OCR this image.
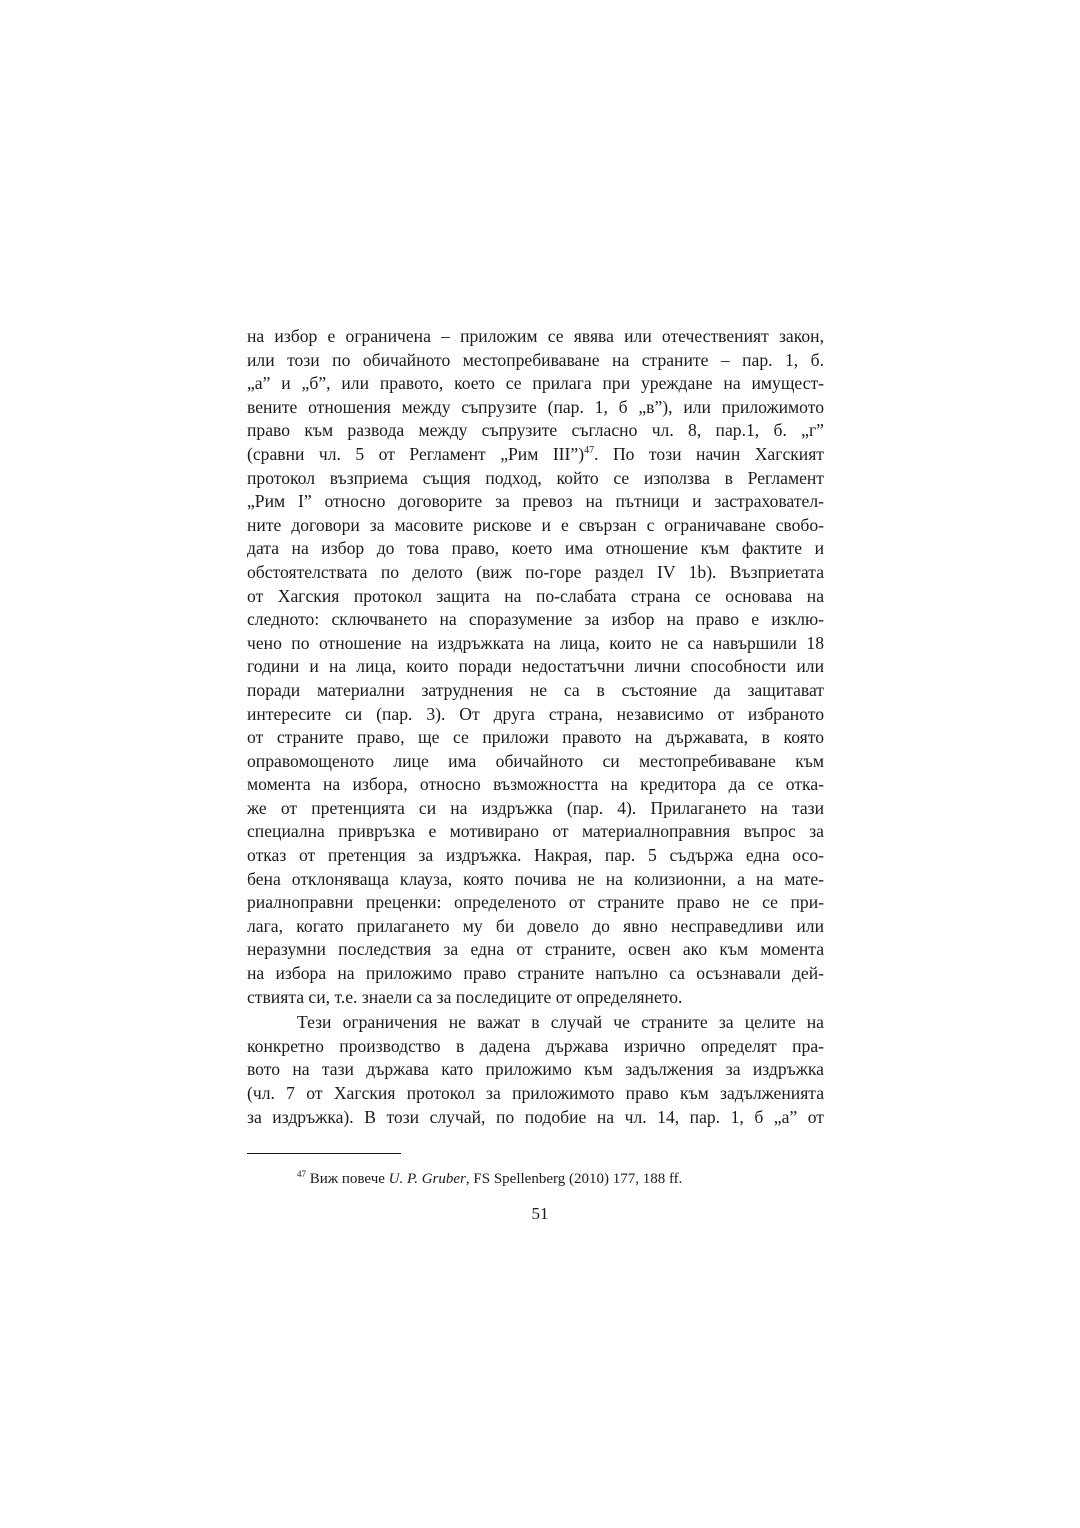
на избор е ограничена – приложим се явява или отечественият закон,
или този по обичайното местопребиваване на страните – пар. 1, б.
„а” и „б”, или правото, което се прилага при уреждане на имущест-
вените отношения между съпрузите (пар. 1, б „в”), или приложимото
право към развода между съпрузите съгласно чл. 8, пар.1, б. „г”
(сравни чл. 5 от Регламент „Рим III”)$^{47}$. По този начин Хагският
протокол възприема същия подход, който се използва в Регламент
„Рим I” относно договорите за превоз на пътници и застраховател-
ните договори за масовите рискове и е свързан с ограничаване свобо-
дата на избор до това право, което има отношение към фактите и
обстоятелствата по делото (виж по-горе раздел IV 1b). Възприетата
от Хагския протокол защита на по-слабата страна се основава на
следното: сключването на споразумение за избор на право е изклю-
чено по отношение на издръжката на лица, които не са навършили 18
години и на лица, които поради недостатъчни лични способности или
поради материални затруднения не са в състояние да защитават
интересите си (пар. 3). От друга страна, независимо от избраното
от страните право, ще се приложи правото на държавата, в която
оправомощеното лице има обичайното си местопребиваване към
момента на избора, относно възможността на кредитора да се отка-
же от претенцията си на издръжка (пар. 4). Прилагането на тази
специална привръзка е мотивирано от материалноправния въпрос за
отказ от претенция за издръжка. Накрая, пар. 5 съдържа една осо-
бена отклоняваща клауза, която почива не на колизионни, а на мате-
риалноправни преценки: определеното от страните право не се при-
лага, когато прилагането му би довело до явно несправедливи или
неразумни последствия за една от страните, освен ако към момента
на избора на приложимо право страните напълно са осъзнавали дей-
ствията си, т.е. знаели са за последиците от определянето.
Тези ограничения не важат в случай че страните за целите на
конкретно производство в дадена държава изрично определят пра-
вото на тази държава като приложимо към задължения за издръжка
(чл. 7 от Хагския протокол за приложимото право към задълженията
за издръжка). В този случай, по подобие на чл. 14, пар. 1, б „а” от
$^{47}$ Виж повече U. P. Gruber, FS Spellenberg (2010) 177, 188 ff.
51
